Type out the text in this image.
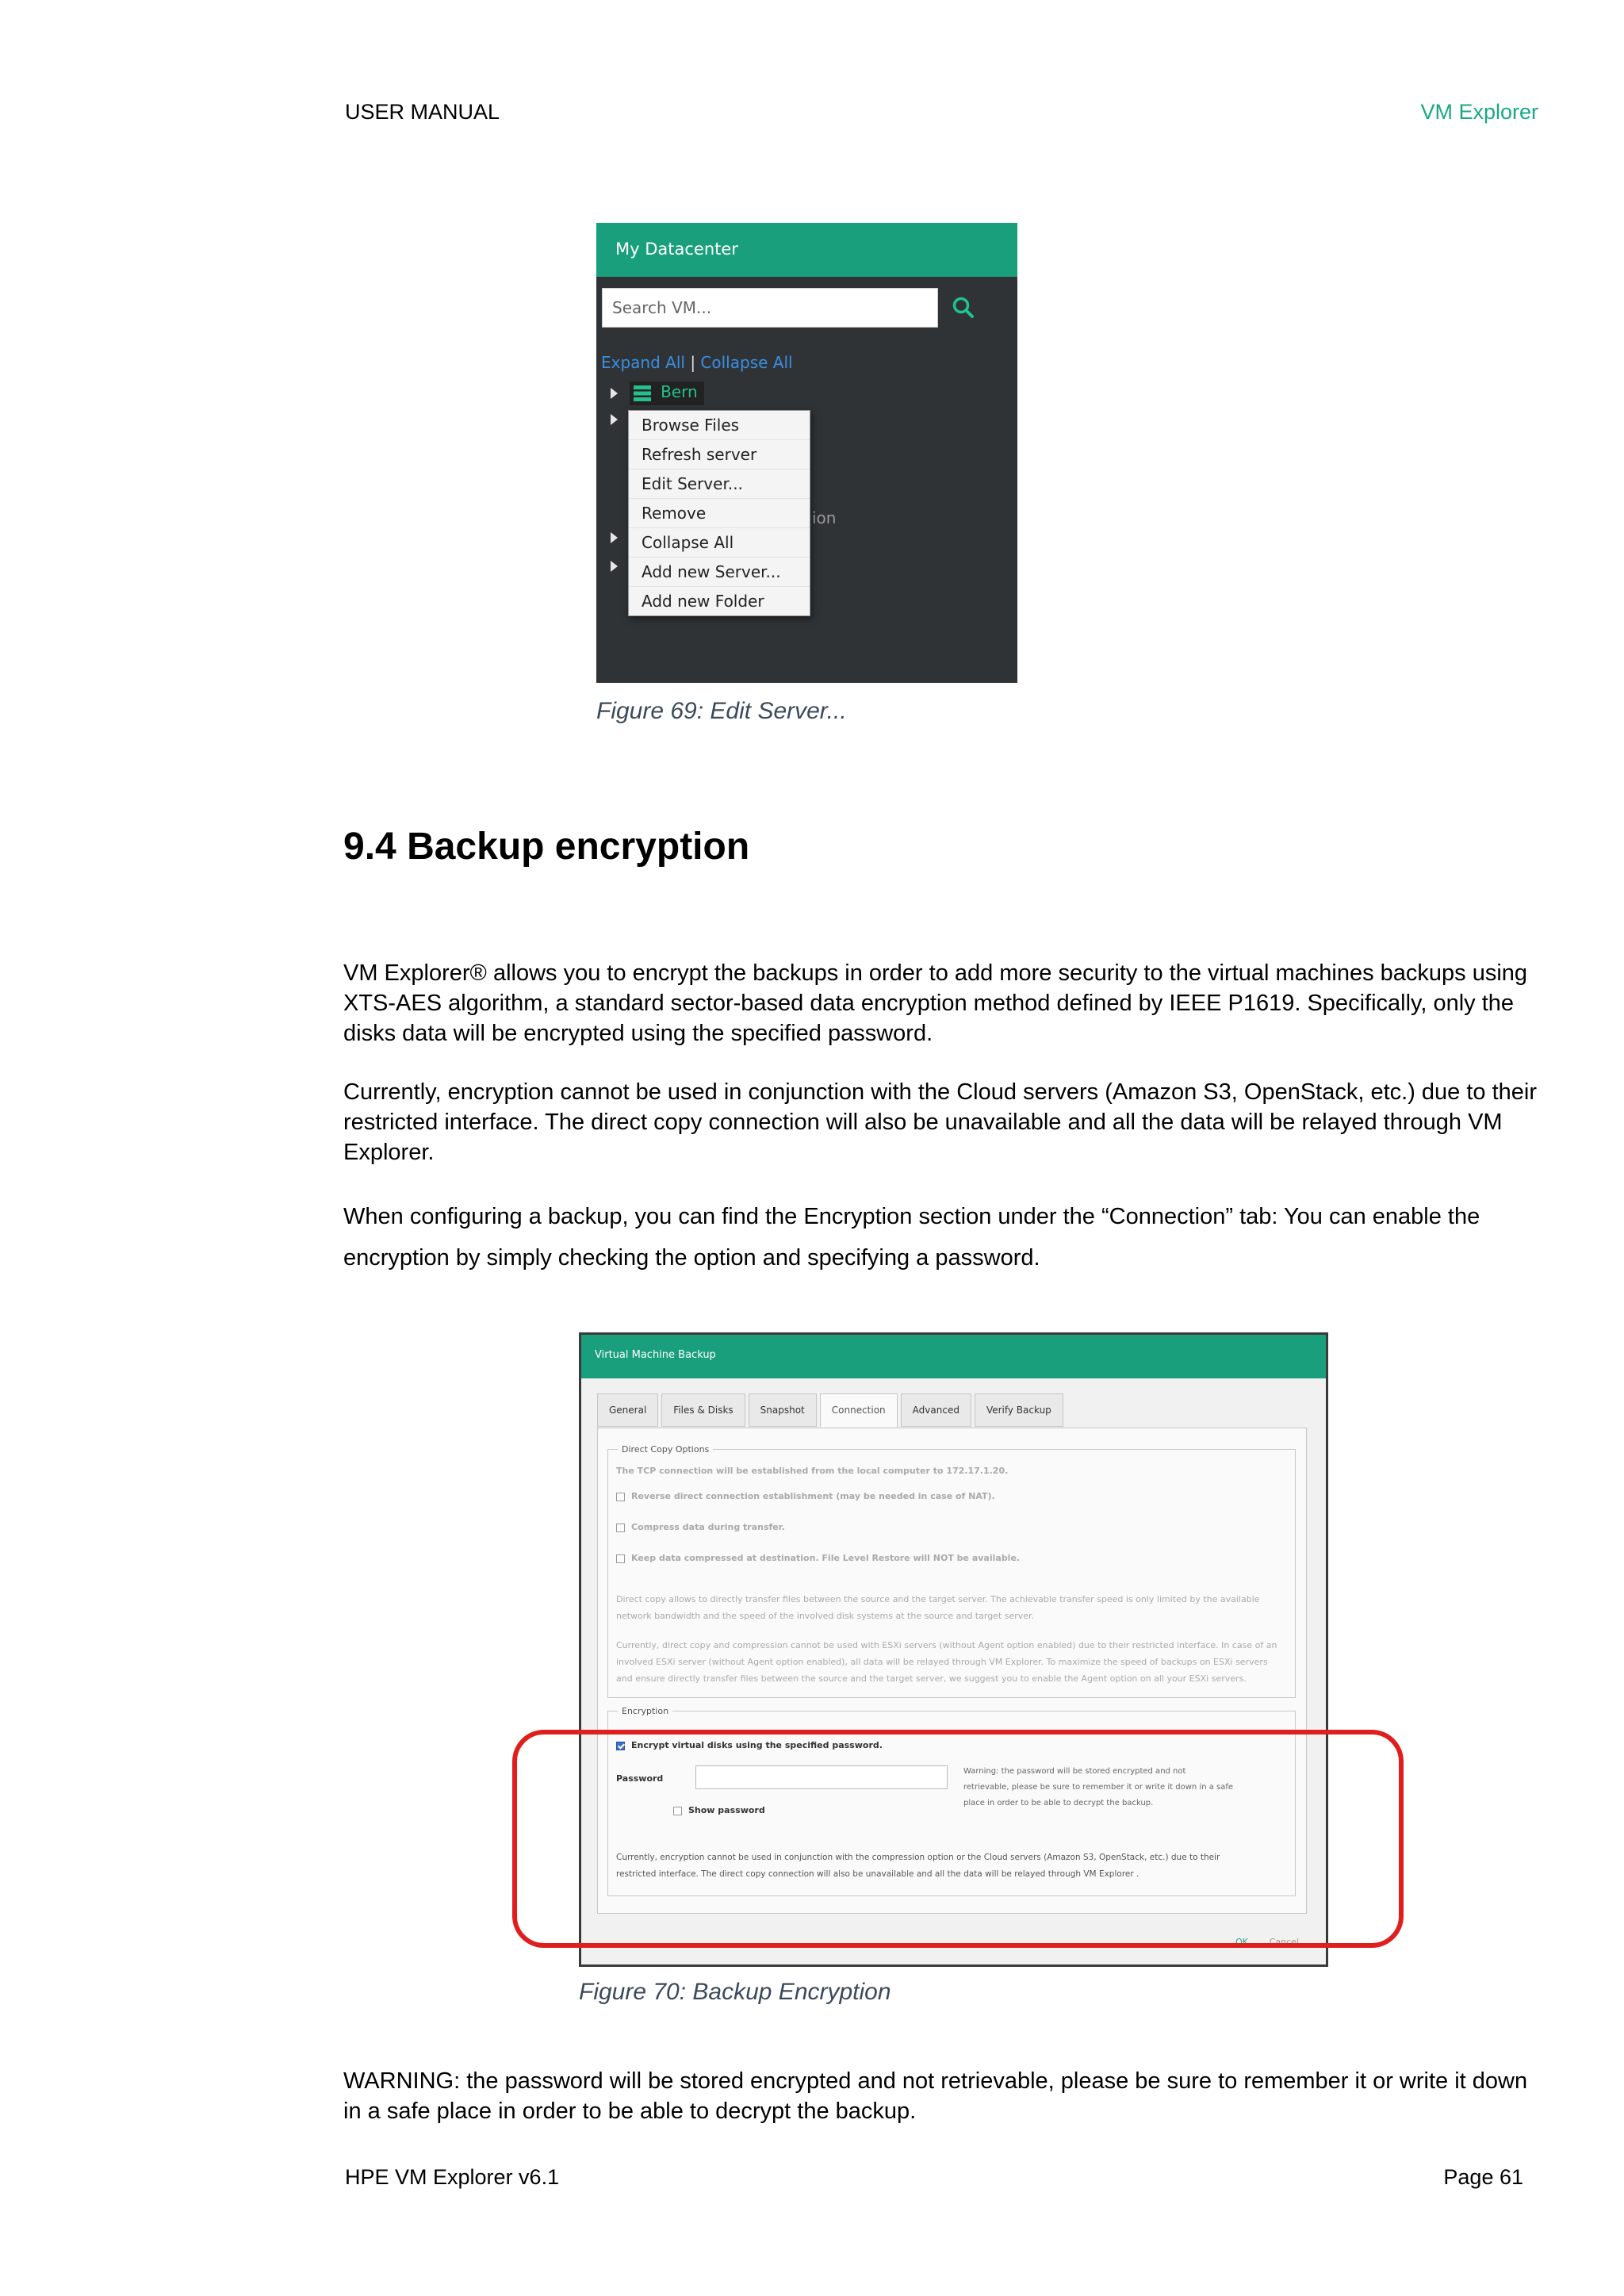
USER MANUAL	VM Explorer
My Datacenter
Search VM...
Expand All | Collapse All
Bern
ion
Browse Files
Refresh server
Edit Server...
Remove
Collapse All
Add new Server...
Add new Folder
Figure 69: Edit Server...
9.4 Backup encryption

VM Explorer® allows you to encrypt the backups in order to add more security to the virtual machines backups using XTS-AES algorithm, a standard sector-based data encryption method defined by IEEE P1619. Specifically, only the disks data will be encrypted using the specified password.

Currently, encryption cannot be used in conjunction with the Cloud servers (Amazon S3, OpenStack, etc.) due to their restricted interface. The direct copy connection will also be unavailable and all the data will be relayed through VM Explorer.

When configuring a backup, you can find the Encryption section under the “Connection” tab: You can enable the encryption by simply checking the option and specifying a password.

Virtual Machine Backup
General	Files & Disks	Snapshot	Connection	Advanced	Verify Backup
Direct Copy Options
The TCP connection will be established from the local computer to 172.17.1.20.
Reverse direct connection establishment (may be needed in case of NAT).
Compress data during transfer.
Keep data compressed at destination. File Level Restore will NOT be available.
Direct copy allows to directly transfer files between the source and the target server. The achievable transfer speed is only limited by the available
network bandwidth and the speed of the involved disk systems at the source and target server.
Currently, direct copy and compression cannot be used with ESXi servers (without Agent option enabled) due to their restricted interface. In case of an
involved ESXi server (without Agent option enabled), all data will be relayed through VM Explorer. To maximize the speed of backups on ESXi servers
and ensure directly transfer files between the source and the target server, we suggest you to enable the Agent option on all your ESXi servers.
Encryption
Encrypt virtual disks using the specified password.
Password
Show password
Warning: the password will be stored encrypted and not
retrievable, please be sure to remember it or write it down in a safe
place in order to be able to decrypt the backup.
Currently, encryption cannot be used in conjunction with the compression option or the Cloud servers (Amazon S3, OpenStack, etc.) due to their
restricted interface. The direct copy connection will also be unavailable and all the data will be relayed through VM Explorer .
OK Cancel
Figure 70: Backup Encryption

WARNING: the password will be stored encrypted and not retrievable, please be sure to remember it or write it down in a safe place in order to be able to decrypt the backup.

HPE VM Explorer v6.1	Page 61
